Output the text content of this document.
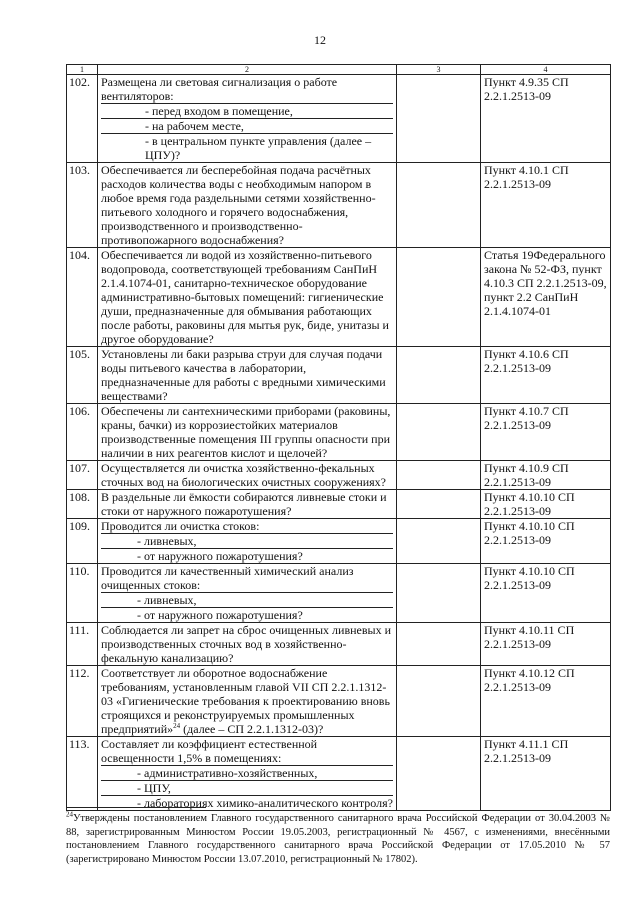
12
1	2	3	4
102.	Размещена ли световая сигнализация о работе вентиляторов:
- перед входом в помещение,
- на рабочем месте,
- в центральном пункте управления (далее – ЦПУ)?		Пункт 4.9.35 СП 2.2.1.2513-09
103.	Обеспечивается ли бесперебойная подача расчётных расходов количества воды с необходимым напором в любое время года раздельными сетями хозяйственно-питьевого холодного и горячего водоснабжения, производственного и производственно-противопожарного водоснабжения?		Пункт 4.10.1 СП 2.2.1.2513-09
104.	Обеспечивается ли водой из хозяйственно-питьевого водопровода, соответствующей требованиям СанПиН 2.1.4.1074-01, санитарно-техническое оборудование административно-бытовых помещений: гигиенические души, предназначенные для обмывания работающих после работы, раковины для мытья рук, биде, унитазы и другое оборудование?		Статья 19Федерального закона № 52-ФЗ, пункт 4.10.3 СП 2.2.1.2513-09, пункт 2.2 СанПиН 2.1.4.1074-01
105.	Установлены ли баки разрыва струи для случая подачи воды питьевого качества в лаборатории, предназначенные для работы с вредными химическими веществами?		Пункт 4.10.6 СП 2.2.1.2513-09
106.	Обеспечены ли сантехническими приборами (раковины, краны, бачки) из коррозиестойких материалов производственные помещения III группы опасности при наличии в них реагентов кислот и щелочей?		Пункт 4.10.7 СП 2.2.1.2513-09
107.	Осуществляется ли очистка хозяйственно-фекальных сточных вод на биологических очистных сооружениях?		Пункт 4.10.9 СП 2.2.1.2513-09
108.	В раздельные ли ёмкости собираются ливневые стоки и стоки от наружного пожаротушения?		Пункт 4.10.10 СП 2.2.1.2513-09
109.	Проводится ли очистка стоков:
- ливневых,
- от наружного пожаротушения?		Пункт 4.10.10 СП 2.2.1.2513-09
110.	Проводится ли качественный химический анализ очищенных стоков:
- ливневых,
- от наружного пожаротушения?		Пункт 4.10.10 СП 2.2.1.2513-09
111.	Соблюдается ли запрет на сброс очищенных ливневых и производственных сточных вод в хозяйственно-фекальную канализацию?		Пункт 4.10.11 СП 2.2.1.2513-09
112.	Соответствует ли оборотное водоснабжение требованиям, установленным главой VII СП 2.2.1.1312-03 «Гигиенические требования к проектированию вновь строящихся и реконструируемых промышленных предприятий»$^{24}$ (далее – СП 2.2.1.1312-03)?		Пункт 4.10.12 СП 2.2.1.2513-09
113.	Составляет ли коэффициент естественной освещенности 1,5% в помещениях:
- административно-хозяйственных,
- ЦПУ,
- лабораториях химико-аналитического контроля?		Пункт 4.11.1 СП 2.2.1.2513-09
$^{24}$Утверждены постановлением Главного государственного санитарного врача Российской Федерации от 30.04.2003 № 88, зарегистрированным Минюстом России 19.05.2003, регистрационный № 4567, с изменениями, внесёнными постановлением Главного государственного санитарного врача Российской Федерации от 17.05.2010 № 57 (зарегистрировано Минюстом России 13.07.2010, регистрационный № 17802).
